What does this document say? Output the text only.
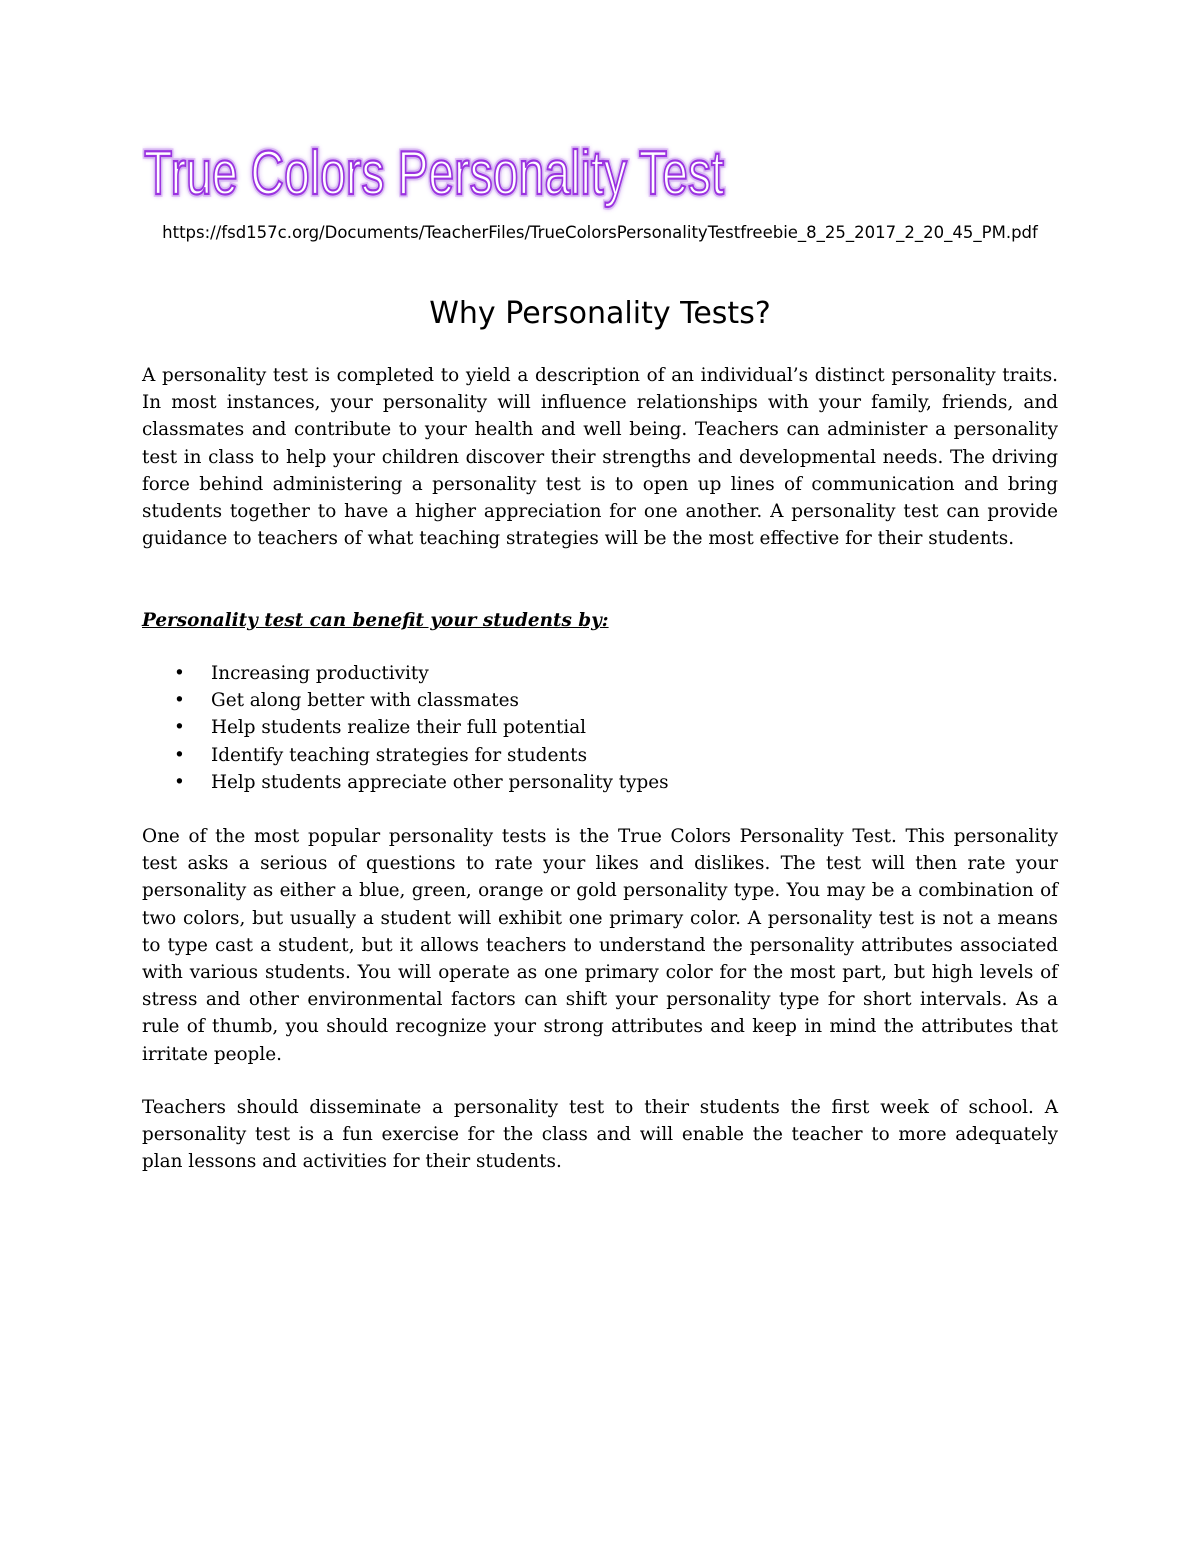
True Colors Personality Test
True Colors Personality Test
https://fsd157c.org/Documents/TeacherFiles/TrueColorsPersonalityTestfreebie_8_25_2017_2_20_45_PM.pdf
Why Personality Tests?

A personality test is completed to yield a description of an individual’s distinct personality traits. In most instances, your personality will influence relationships with your family, friends, and classmates and contribute to your health and well being. Teachers can administer a personality test in class to help your children discover their strengths and developmental needs. The driving force behind administering a personality test is to open up lines of communication and bring students together to have a higher appreciation for one another. A personality test can provide guidance to teachers of what teaching strategies will be the most effective for their students.

Personality test can benefit your students by:

• Increasing productivity
• Get along better with classmates
• Help students realize their full potential
• Identify teaching strategies for students
• Help students appreciate other personality types

One of the most popular personality tests is the True Colors Personality Test. This personality test asks a serious of questions to rate your likes and dislikes. The test will then rate your personality as either a blue, green, orange or gold personality type. You may be a combination of two colors, but usually a student will exhibit one primary color. A personality test is not a means to type cast a student, but it allows teachers to understand the personality attributes associated with various students. You will operate as one primary color for the most part, but high levels of stress and other environmental factors can shift your personality type for short intervals. As a rule of thumb, you should recognize your strong attributes and keep in mind the attributes that irritate people.

Teachers should disseminate a personality test to their students the first week of school. A personality test is a fun exercise for the class and will enable the teacher to more adequately plan lessons and activities for their students.
